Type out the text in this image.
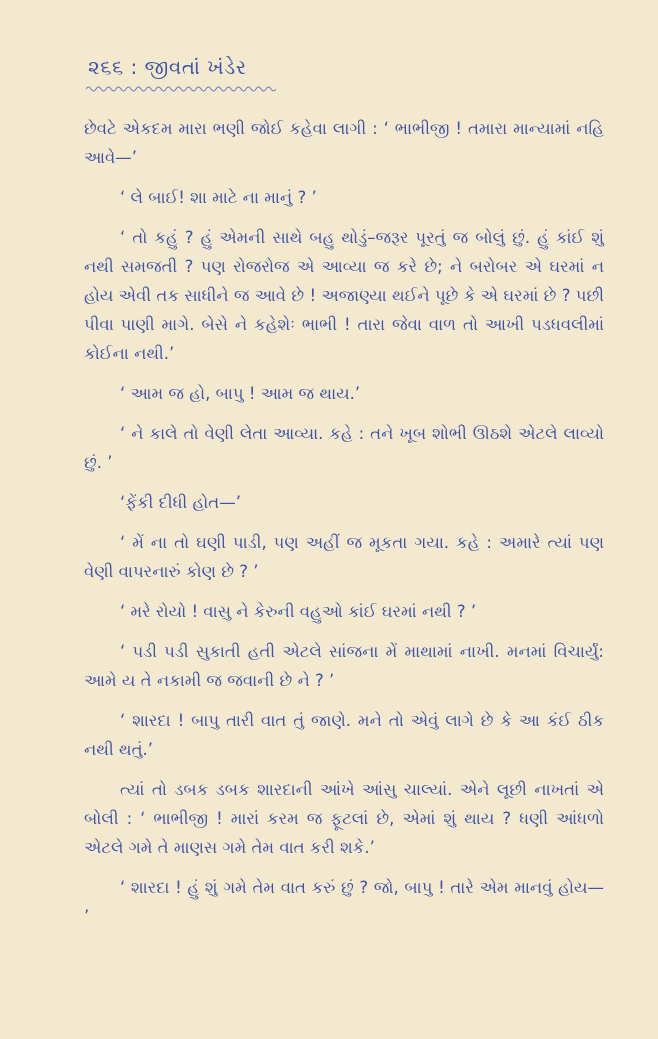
૨૬૬ : જીવતાં ખંડેર

છેવટે એકદમ મારા ભણી જોઈ કહેવા લાગી : ‘ ભાભીજી ! તમારા માન્યામાં નહિ આવે—’

‘ લે બાઈ! શા માટે ના માનું ? ’

‘ તો કહું ? હું એમની સાથે બહુ થોડું–જરૂર પૂરતું જ બોલું છું. હું કાંઈ શું નથી સમજતી ? પણ રોજરોજ એ આવ્યા જ કરે છે; ને બરોબર એ ઘરમાં ન હોય એવી તક સાધીને જ આવે છે ! અજાણ્યા થઈને પૂછે કે એ ઘરમાં છે ? પછી પીવા પાણી માગે. બેસે ને કહેશેઃ ભાભી ! તારા જેવા વાળ તો આખી પડધવલીમાં કોઈના નથી.’

‘ આમ જ હો, બાપુ ! આમ જ થાય.’

‘ ને કાલે તો વેણી લેતા આવ્યા. કહે : તને ખૂબ શોભી ઊઠશે એટલે લાવ્યો છું. ’

‘ફેંકી દીધી હોત—’

‘ મેં ના તો ઘણી પાડી, પણ અહીં જ મૂકતા ગયા. કહે : અમારે ત્યાં પણ વેણી વાપરનારું કોણ છે ? ’

‘ મરે રોયો ! વાસુ ને કેરુની વહુઓ કાંઈ ઘરમાં નથી ? ’

‘ પડી પડી સુકાતી હતી એટલે સાંજના મેં માથામાં નાખી. મનમાં વિચાર્યું: આમે ય તે નકામી જ જવાની છે ને ? ’

‘ શારદા ! બાપુ તારી વાત તું જાણે. મને તો એવું લાગે છે કે આ કંઈ ઠીક નથી થતું.’

ત્યાં તો ડબક ડબક શારદાની આંખે આંસુ ચાલ્યાં. એને લૂછી નાખતાં એ બોલી : ‘ ભાભીજી ! મારાં કરમ જ ફૂટલાં છે, એમાં શું થાય ? ધણી આંધળો એટલે ગમે તે માણસ ગમે તેમ વાત કરી શકે.’

‘ શારદા ! હું શું ગમે તેમ વાત કરું છું ? જો, બાપુ ! તારે એમ માનવું હોય— ’
